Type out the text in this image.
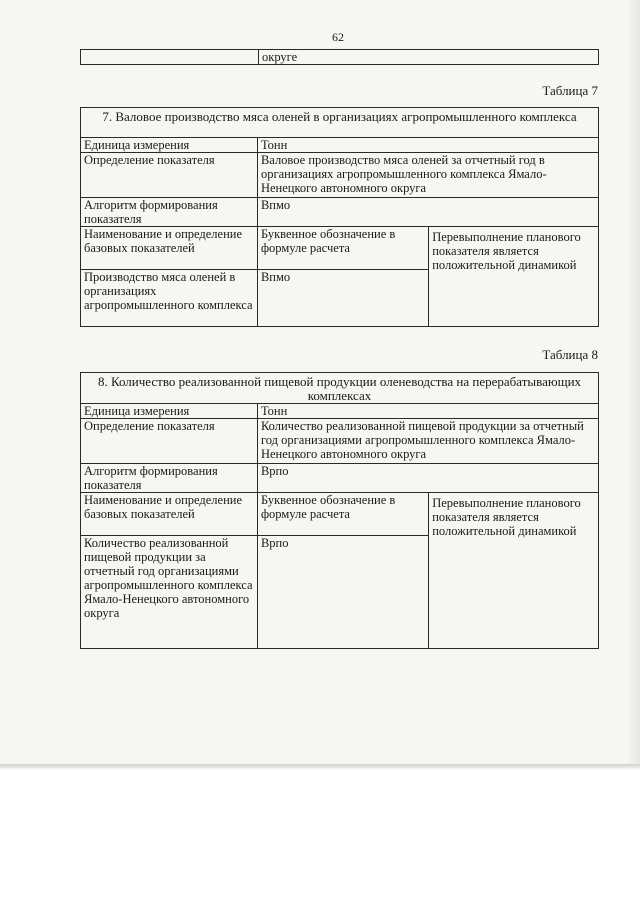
62
	округе
Таблица 7
7. Валовое производство мяса оленей в организациях агропромышленного комплекса		
Единица измерения	Тонн	
Определение показателя	Валовое производство мяса оленей за отчетный год в организациях агропромышленного комплекса Ямало-Ненецкого автономного округа	
Алгоритм формирования показателя	Впмо	
Наименование и определение базовых показателей	Буквенное обозначение в формуле расчета	Перевыполнение планового показателя является положительной динамикой
Производство мяса оленей в организациях агропромышленного комплекса	Впмо	
Таблица 8
8. Количество реализованной пищевой продукции оленеводства на перерабатывающих комплексах		
Единица измерения	Тонн	
Определение показателя	Количество реализованной пищевой продукции за отчетный год организациями агропромышленного комплекса Ямало-Ненецкого автономного округа	
Алгоритм формирования показателя	Врпо	
Наименование и определение базовых показателей	Буквенное обозначение в формуле расчета	Перевыполнение планового показателя является положительной динамикой
Количество реализованной пищевой продукции за отчетный год организациями агропромышленного комплекса Ямало-Ненецкого автономного округа	Врпо	
